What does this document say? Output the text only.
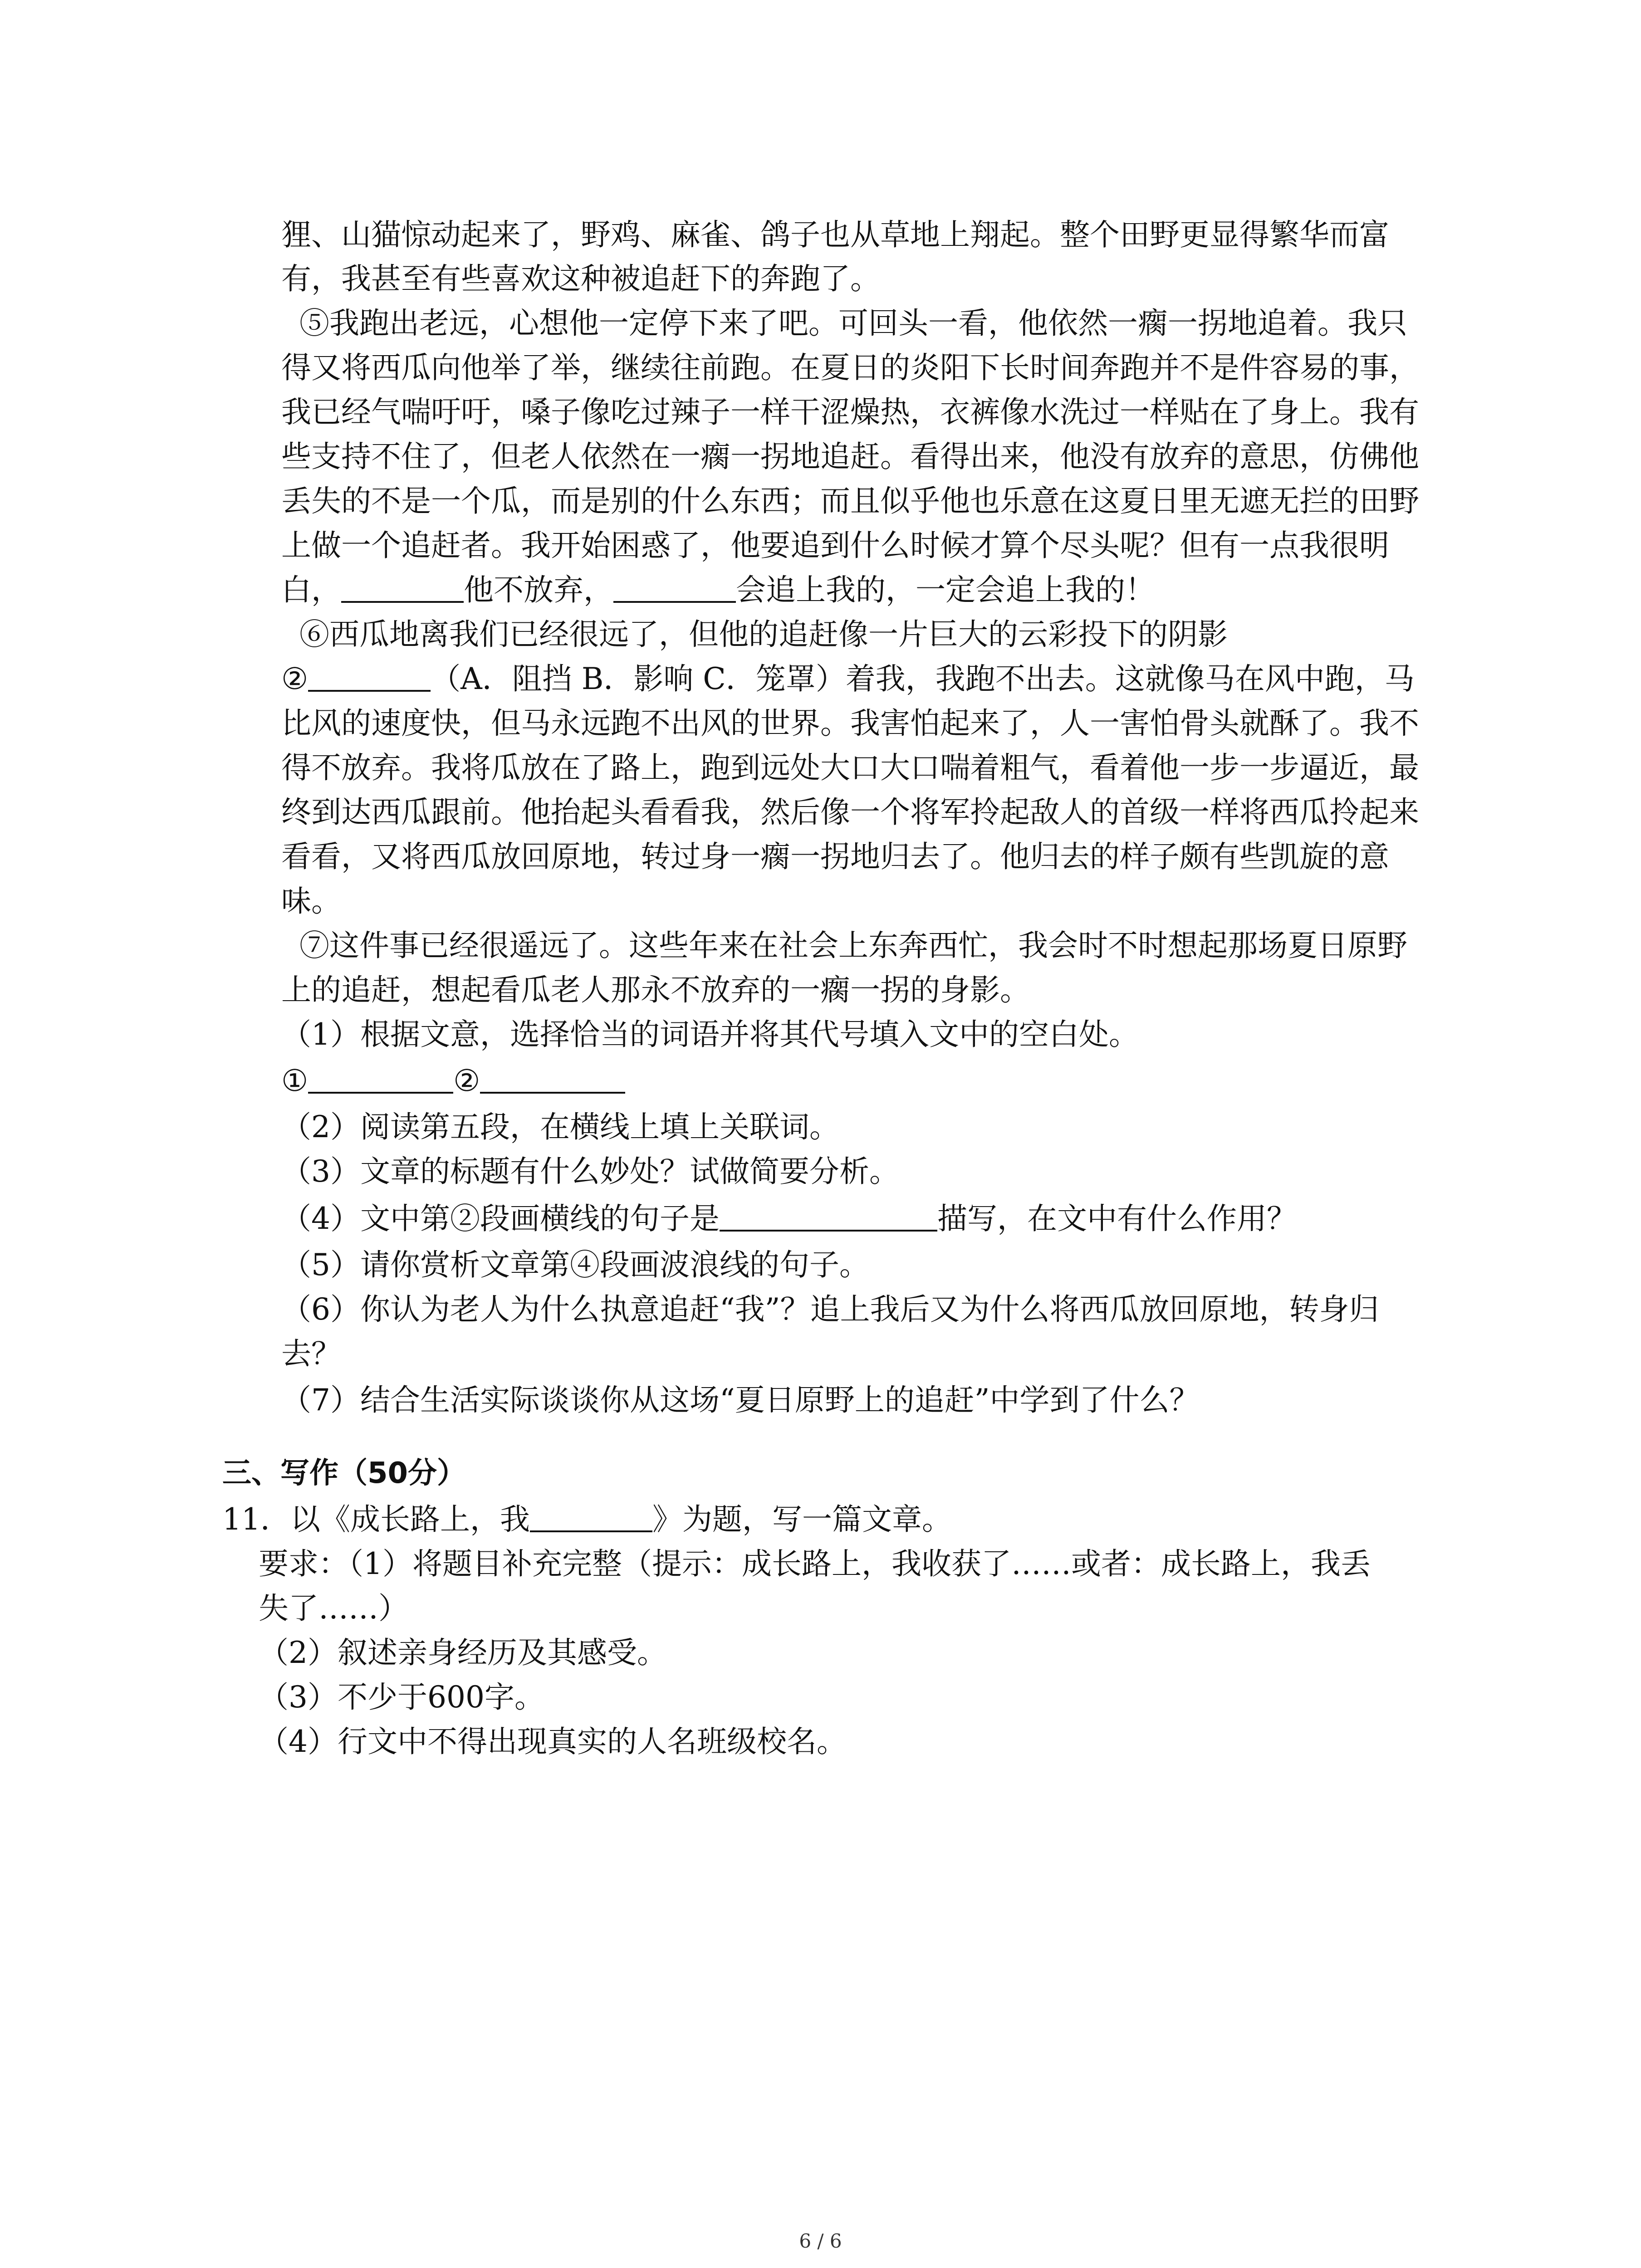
狸、山猫惊动起来了，野鸡、麻雀、鸽子也从草地上翔起。整个田野更显得繁华而富
有，我甚至有些喜欢这种被追赶下的奔跑了。
⑤我跑出老远，心想他一定停下来了吧。可回头一看，他依然一瘸一拐地追着。我只
得又将西瓜向他举了举，继续往前跑。在夏日的炎阳下长时间奔跑并不是件容易的事，
我已经气喘吁吁，嗓子像吃过辣子一样干涩燥热，衣裤像水洗过一样贴在了身上。我有
些支持不住了，但老人依然在一瘸一拐地追赶。看得出来，他没有放弃的意思，仿佛他
丢失的不是一个瓜，而是别的什么东西；而且似乎他也乐意在这夏日里无遮无拦的田野
上做一个追赶者。我开始困惑了，他要追到什么时候才算个尽头呢？但有一点我很明
白，	他不放弃，	会追上我的，一定会追上我的！
⑥西瓜地离我们已经很远了，但他的追赶像一片巨大的云彩投下的阴影
②	（A．阻挡 B．影响 C．笼罩）着我，我跑不出去。这就像马在风中跑，马
比风的速度快，但马永远跑不出风的世界。我害怕起来了，人一害怕骨头就酥了。我不
得不放弃。我将瓜放在了路上，跑到远处大口大口喘着粗气，看着他一步一步逼近，最
终到达西瓜跟前。他抬起头看看我，然后像一个将军拎起敌人的首级一样将西瓜拎起来
看看，又将西瓜放回原地，转过身一瘸一拐地归去了。他归去的样子颇有些凯旋的意
味。
⑦这件事已经很遥远了。这些年来在社会上东奔西忙，我会时不时想起那场夏日原野
上的追赶，想起看瓜老人那永不放弃的一瘸一拐的身影。
（1）根据文意，选择恰当的词语并将其代号填入文中的空白处。
①	②
（2）阅读第五段，在横线上填上关联词。
（3）文章的标题有什么妙处？试做简要分析。
（4）文中第②段画横线的句子是	描写，在文中有什么作用？
（5）请你赏析文章第④段画波浪线的句子。
（6）你认为老人为什么执意追赶“我”？追上我后又为什么将西瓜放回原地，转身归
去？
（7）结合生活实际谈谈你从这场“夏日原野上的追赶”中学到了什么？
三、写作（50分）
11．以《成长路上，我	》为题，写一篇文章。
要求：（1）将题目补充完整（提示：成长路上，我收获了……或者：成长路上，我丢
失了……）
（2）叙述亲身经历及其感受。
（3）不少于600字。
（4）行文中不得出现真实的人名班级校名。
6 / 6
